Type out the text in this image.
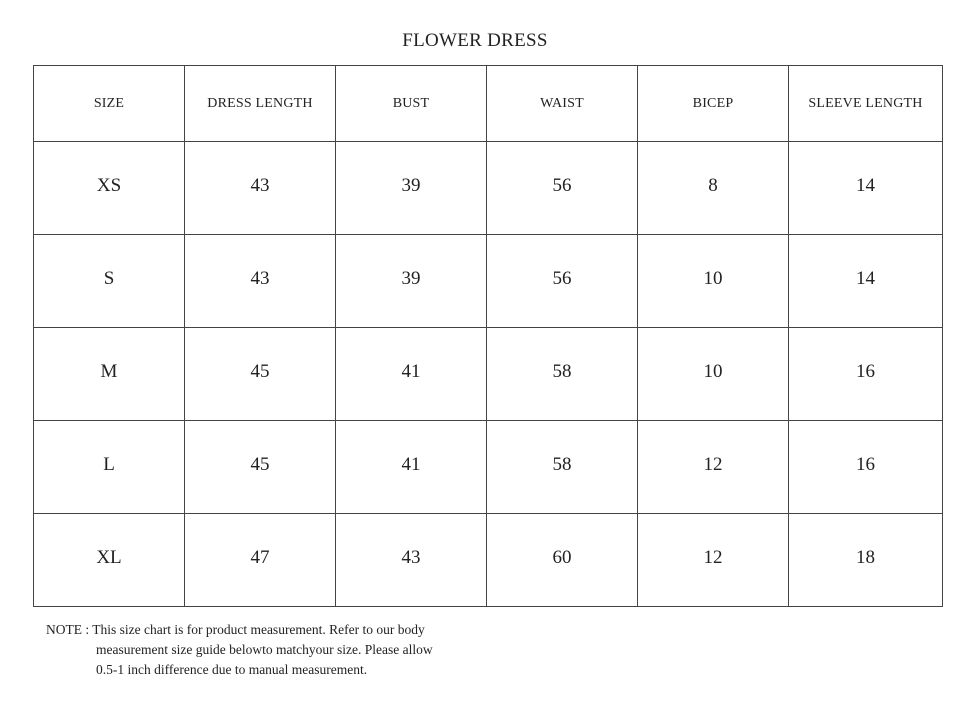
FLOWER DRESS
SIZE	DRESS LENGTH	BUST	WAIST	BICEP	SLEEVE LENGTH
XS	43	39	56	8	14
S	43	39	56	10	14
M	45	41	58	10	16
L	45	41	58	12	16
XL	47	43	60	12	18
NOTE : This size chart is for product measurement. Refer to our body
measurement size guide belowto matchyour size. Please allow
0.5-1 inch difference due to manual measurement.
